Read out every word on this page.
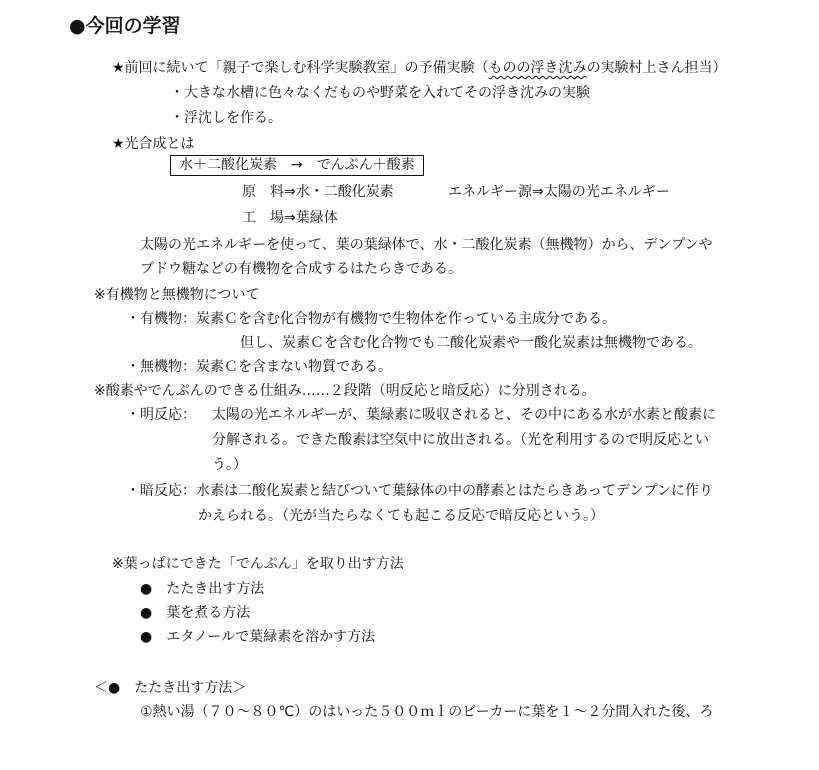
●今回の学習
★前回に続いて「親子で楽しむ科学実験教室」の予備実験（ものの浮き沈みの実験村上さん担当）
・大きな水槽に色々なくだものや野菜を入れてその浮き沈みの実験
・浮沈しを作る。
★光合成とは
水＋二酸化炭素　→　でんぷん＋酸素
原　料⇒水・二酸化炭素	エネルギー源⇒太陽の光エネルギー
工　場⇒葉緑体
太陽の光エネルギーを使って、葉の葉緑体で、水・二酸化炭素（無機物）から、デンプンや
ブドウ糖などの有機物を合成するはたらきである。
※有機物と無機物について
・有機物：炭素Ｃを含む化合物が有機物で生物体を作っている主成分である。
但し、炭素Ｃを含む化合物でも二酸化炭素や一酸化炭素は無機物である。
・無機物：炭素Ｃを含まない物質である。
※酸素やでんぷんのできる仕組み……２段階（明反応と暗反応）に分別される。
・明反応： 太陽の光エネルギーが、葉緑素に吸収されると、その中にある水が水素と酸素に
分解される。できた酸素は空気中に放出される。（光を利用するので明反応とい
う。）
・暗反応：水素は二酸化炭素と結びついて葉緑体の中の酵素とはたらきあってデンプンに作り
かえられる。（光が当たらなくても起こる反応で暗反応という。）
※葉っぱにできた「でんぷん」を取り出す方法
●　たたき出す方法
●　葉を煮る方法
●　エタノールで葉緑素を溶かす方法
＜●　たたき出す方法＞
①熱い湯（７０～８０℃）のはいった５００ｍｌのビーカーに葉を１～２分間入れた後、ろ
